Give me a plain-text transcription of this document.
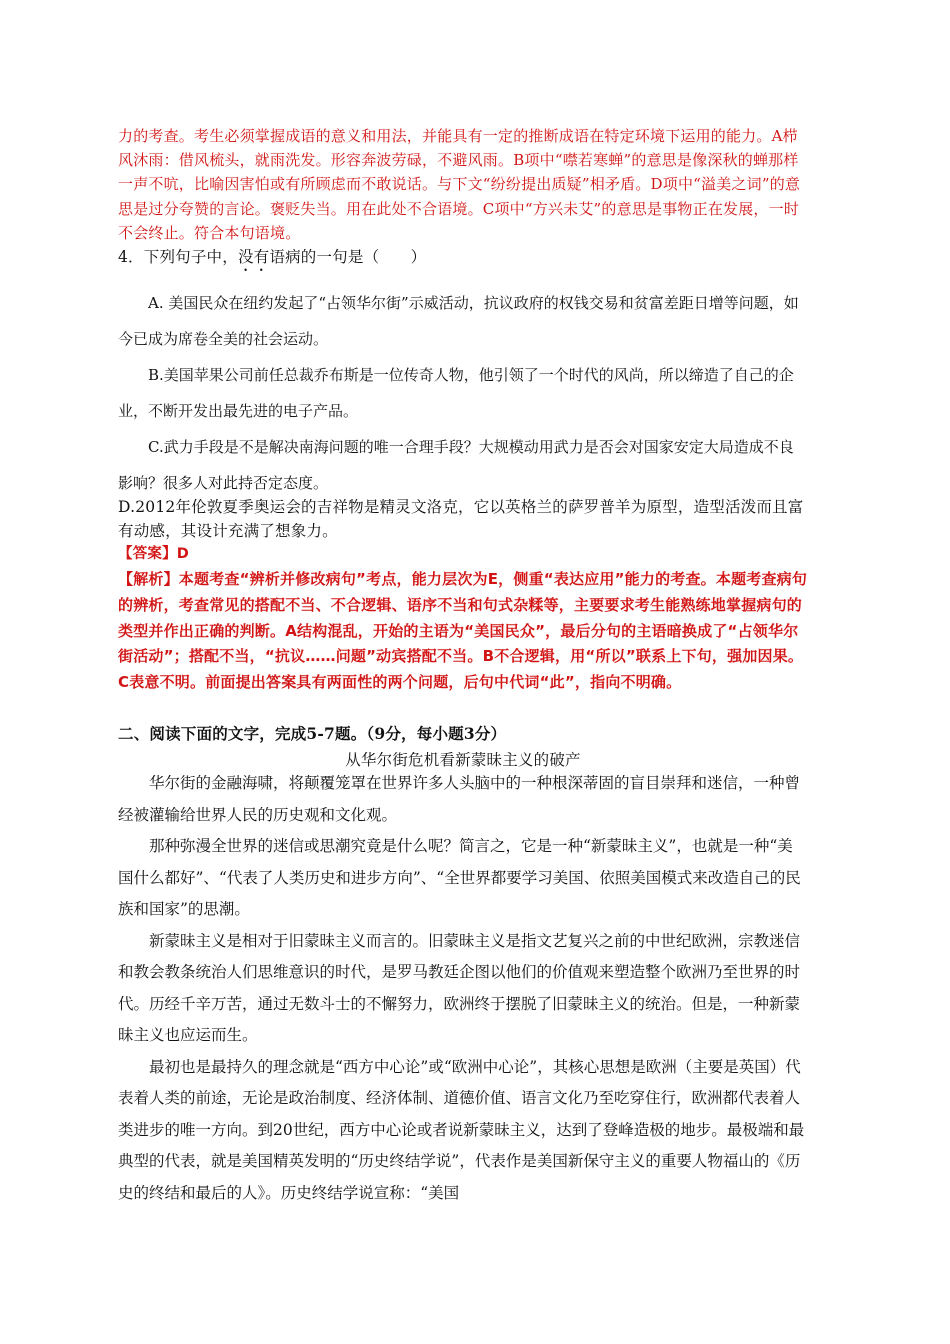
力的考查。考生必须掌握成语的意义和用法，并能具有一定的推断成语在特定环境下运用的能力。A栉风沐雨：借风梳头，就雨洗发。形容奔波劳碌，不避风雨。B项中“噤若寒蝉”的意思是像深秋的蝉那样一声不吭，比喻因害怕或有所顾虑而不敢说话。与下文“纷纷提出质疑”相矛盾。D项中“溢美之词”的意思是过分夸赞的言论。褒贬失当。用在此处不合语境。C项中“方兴未艾”的意思是事物正在发展，一时不会终止。符合本句语境。

4．下列句子中，没有语病的一句是（　　）

A. 美国民众在纽约发起了“占领华尔街”示威活动，抗议政府的权钱交易和贫富差距日增等问题，如今已成为席卷全美的社会运动。

B.美国苹果公司前任总裁乔布斯是一位传奇人物，他引领了一个时代的风尚，所以缔造了自己的企业，不断开发出最先进的电子产品。

C.武力手段是不是解决南海问题的唯一合理手段？大规模动用武力是否会对国家安定大局造成不良影响？很多人对此持否定态度。

D.2012年伦敦夏季奥运会的吉祥物是精灵文洛克，它以英格兰的萨罗普羊为原型，造型活泼而且富有动感，其设计充满了想象力。

【答案】D

【解析】本题考查“辨析并修改病句”考点，能力层次为E，侧重“表达应用”能力的考查。本题考查病句的辨析，考查常见的搭配不当、不合逻辑、语序不当和句式杂糅等，主要要求考生能熟练地掌握病句的类型并作出正确的判断。A结构混乱，开始的主语为“美国民众”，最后分句的主语暗换成了“占领华尔街活动”；搭配不当，“抗议……问题”动宾搭配不当。B不合逻辑，用“所以”联系上下句，强加因果。C表意不明。前面提出答案具有两面性的两个问题，后句中代词“此”，指向不明确。

二、阅读下面的文字，完成5-7题。（9分，每小题3分）

从华尔街危机看新蒙昧主义的破产

华尔街的金融海啸，将颠覆笼罩在世界许多人头脑中的一种根深蒂固的盲目崇拜和迷信，一种曾经被灌输给世界人民的历史观和文化观。

那种弥漫全世界的迷信或思潮究竟是什么呢？简言之，它是一种“新蒙昧主义”，也就是一种“美国什么都好”、“代表了人类历史和进步方向”、“全世界都要学习美国、依照美国模式来改造自己的民族和国家”的思潮。

新蒙昧主义是相对于旧蒙昧主义而言的。旧蒙昧主义是指文艺复兴之前的中世纪欧洲，宗教迷信和教会教条统治人们思维意识的时代，是罗马教廷企图以他们的价值观来塑造整个欧洲乃至世界的时代。历经千辛万苦，通过无数斗士的不懈努力，欧洲终于摆脱了旧蒙昧主义的统治。但是，一种新蒙昧主义也应运而生。

最初也是最持久的理念就是“西方中心论”或“欧洲中心论”，其核心思想是欧洲（主要是英国）代表着人类的前途，无论是政治制度、经济体制、道德价值、语言文化乃至吃穿住行，欧洲都代表着人类进步的唯一方向。到20世纪，西方中心论或者说新蒙昧主义，达到了登峰造极的地步。最极端和最典型的代表，就是美国精英发明的“历史终结学说”，代表作是美国新保守主义的重要人物福山的《历史的终结和最后的人》。历史终结学说宣称：“美国
